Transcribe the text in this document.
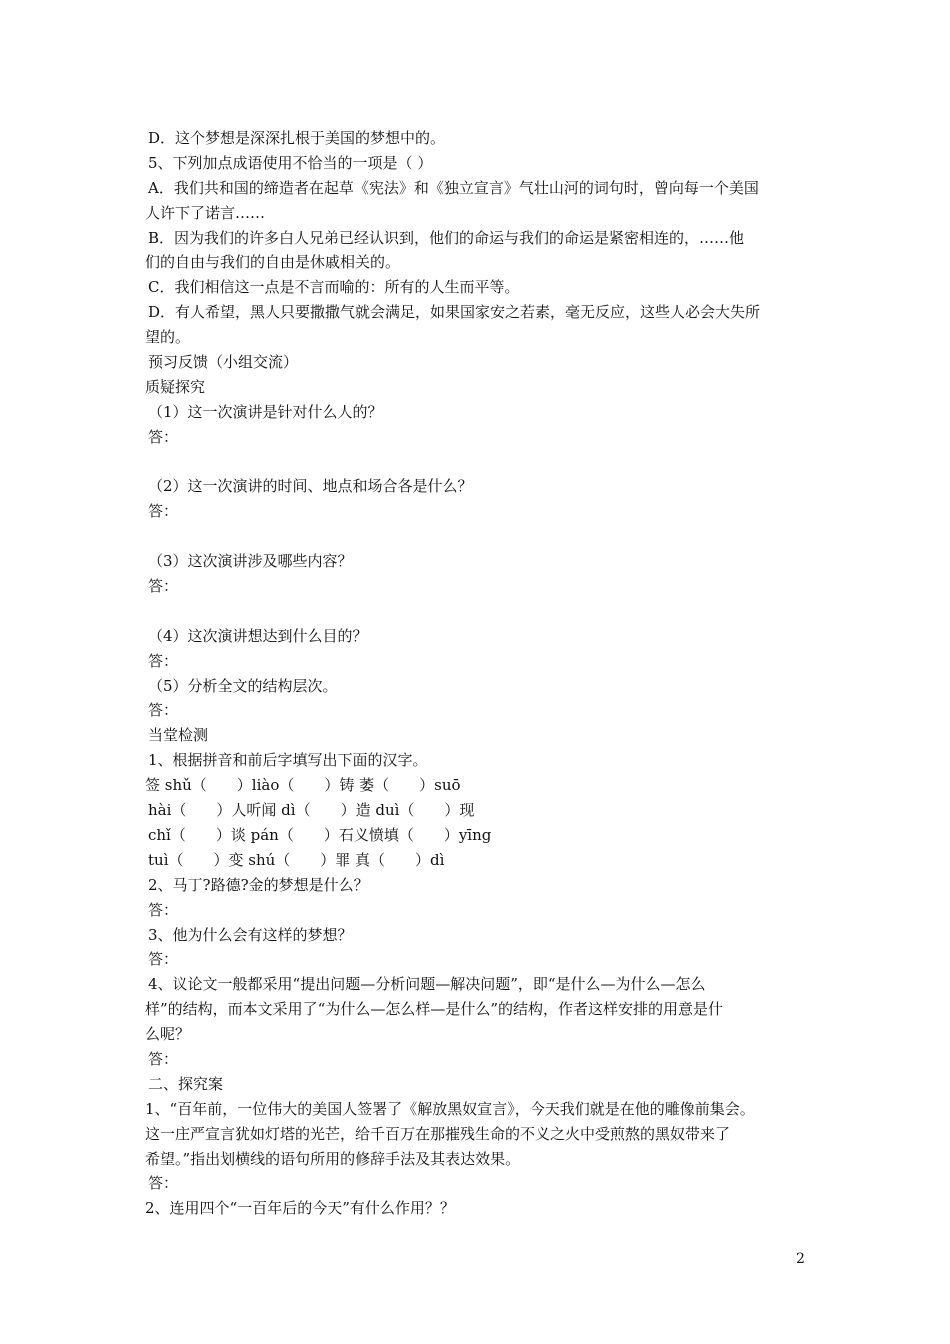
D．这个梦想是深深扎根于美国的梦想中的。
5、下列加点成语使用不恰当的一项是（ ）
A．我们共和国的缔造者在起草《宪法》和《独立宣言》气壮山河的词句时，曾向每一个美国
人许下了诺言……
B．因为我们的许多白人兄弟已经认识到，他们的命运与我们的命运是紧密相连的，……他
们的自由与我们的自由是休戚相关的。
C．我们相信这一点是不言而喻的：所有的人生而平等。
D．有人希望，黑人只要撒撒气就会满足，如果国家安之若素，毫无反应，这些人必会大失所
望的。
预习反馈（小组交流）
质疑探究
（1）这一次演讲是针对什么人的？
答：
（2）这一次演讲的时间、地点和场合各是什么？
答：
（3）这次演讲涉及哪些内容？
答：
（4）这次演讲想达到什么目的？
答：
（5）分析全文的结构层次。
答：
当堂检测
1、根据拼音和前后字填写出下面的汉字。
签 shǔ（　　）liào（　　）铸 萎（　　）suō
hài（　　）人听闻 dì（　　）造 duì（　　）现
chǐ（　　）谈 pán（　　）石义愤填（　　）yīng
tuì（　　）变 shú（　　）罪 真（　　）dì
2、马丁?路德?金的梦想是什么？
答：
3、他为什么会有这样的梦想？
答：
4、议论文一般都采用“提出问题—分析问题—解决问题”，即“是什么—为什么—怎么
样”的结构，而本文采用了“为什么—怎么样—是什么”的结构，作者这样安排的用意是什
么呢？
答：
二、探究案
1、“百年前，一位伟大的美国人签署了《解放黑奴宣言》，今天我们就是在他的雕像前集会。
这一庄严宣言犹如灯塔的光芒，给千百万在那摧残生命的不义之火中受煎熬的黑奴带来了
希望。”指出划横线的语句所用的修辞手法及其表达效果。
答：
2、连用四个“一百年后的今天”有什么作用？？
2
